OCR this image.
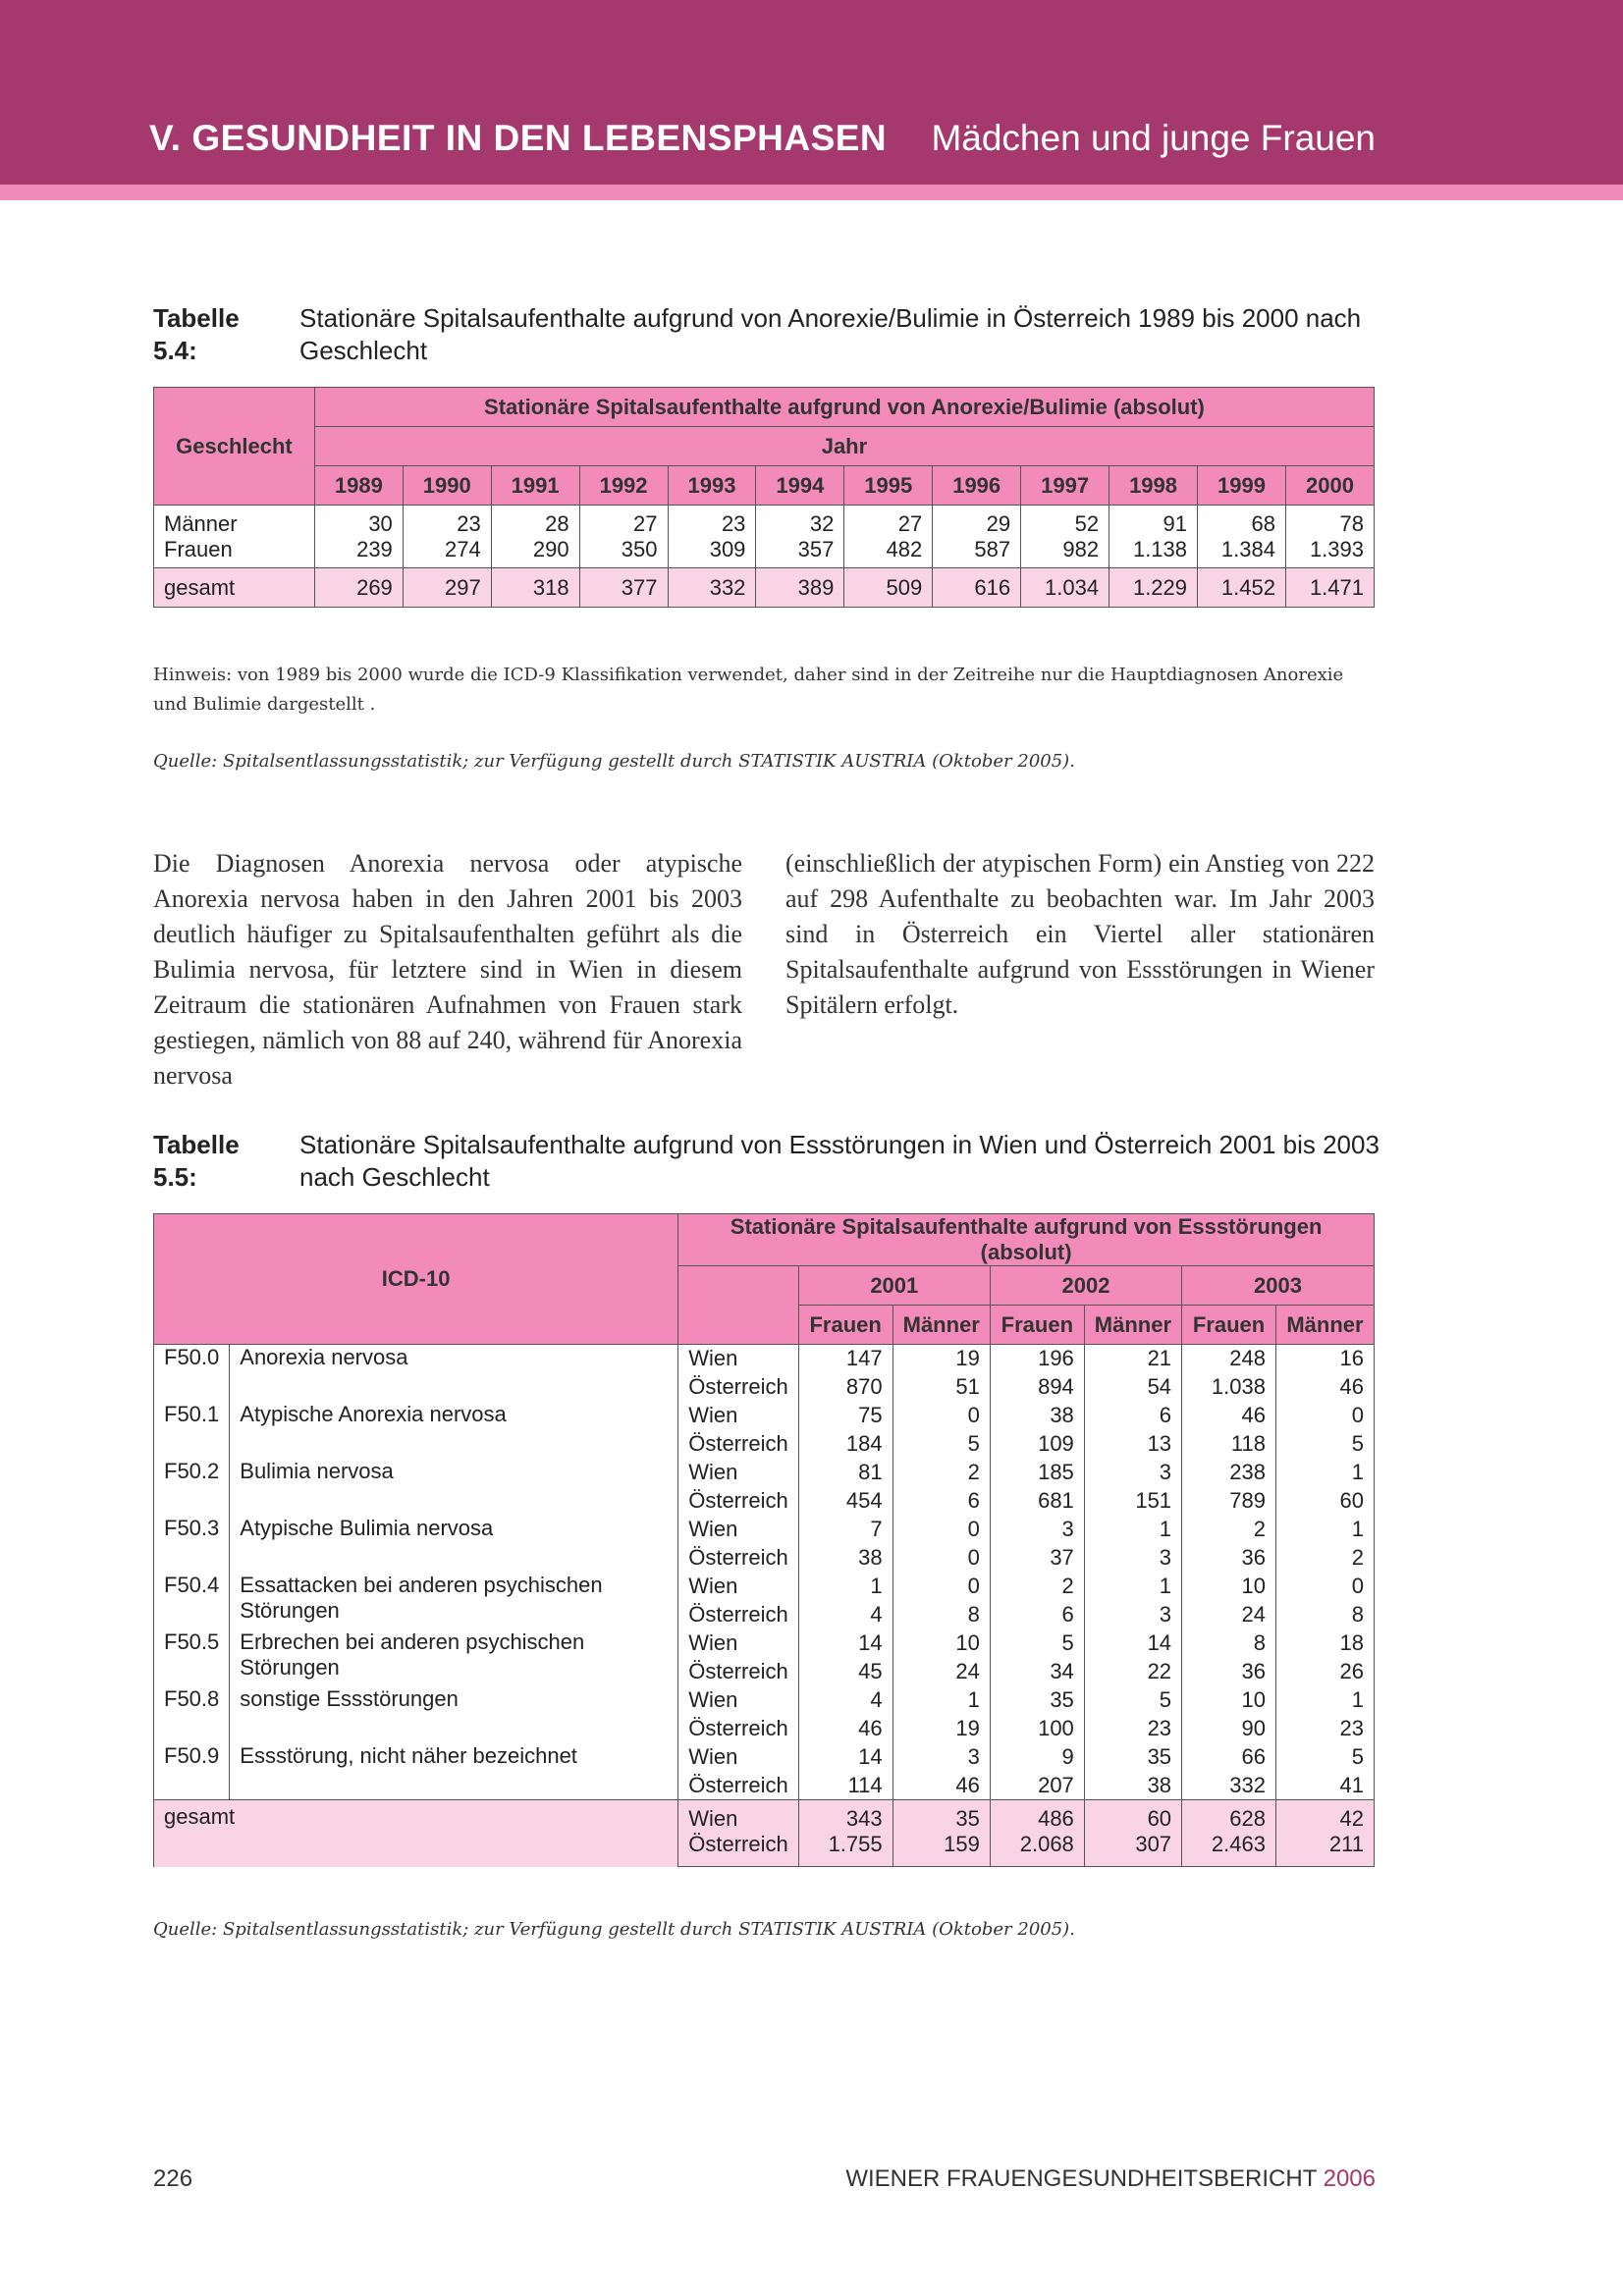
V. GESUNDHEIT IN DEN LEBENSPHASEN Mädchen und junge Frauen
Tabelle 5.4:
Stationäre Spitalsaufenthalte aufgrund von Anorexie/Bulimie in Österreich 1989 bis 2000 nach Geschlecht
Geschlecht	Stationäre Spitalsaufenthalte aufgrund von Anorexie/Bulimie (absolut)											
	Jahr											
	1989	1990	1991	1992	1993	1994	1995	1996	1997	1998	1999	2000
Männer	30	23	28	27	23	32	27	29	52	91	68	78
Frauen	239	274	290	350	309	357	482	587	982	1.138	1.384	1.393
gesamt	269	297	318	377	332	389	509	616	1.034	1.229	1.452	1.471
Hinweis: von 1989 bis 2000 wurde die ICD-9 Klassifikation verwendet, daher sind in der Zeitreihe nur die Hauptdiagnosen Anorexie und Bulimie dargestellt .
Quelle: Spitalsentlassungsstatistik; zur Verfügung gestellt durch STATISTIK AUSTRIA (Oktober 2005).
Die Diagnosen Anorexia nervosa oder atypische Anorexia nervosa haben in den Jahren 2001 bis 2003 deutlich häufiger zu Spitalsaufenthalten geführt als die Bulimia nervosa, für letztere sind in Wien in diesem Zeitraum die stationären Aufnahmen von Frauen stark gestiegen, nämlich von 88 auf 240, während für Anorexia nervosa
(einschließlich der atypischen Form) ein Anstieg von 222 auf 298 Aufenthalte zu beobachten war. Im Jahr 2003 sind in Österreich ein Viertel aller stationären Spitalsaufenthalte aufgrund von Essstörungen in Wiener Spitälern erfolgt.
Tabelle 5.5:
Stationäre Spitalsaufenthalte aufgrund von Essstörungen in Wien und Österreich 2001 bis 2003 nach Geschlecht
ICD-10		Stationäre Spitalsaufenthalte aufgrund von Essstörungen (absolut)						
			2001		2002		2003	
			Frauen	Männer	Frauen	Männer	Frauen	Männer
F50.0	Anorexia nervosa	Wien	147	19	196	21	248	16
		Österreich	870	51	894	54	1.038	46
F50.1	Atypische Anorexia nervosa	Wien	75	0	38	6	46	0
		Österreich	184	5	109	13	118	5
F50.2	Bulimia nervosa	Wien	81	2	185	3	238	1
		Österreich	454	6	681	151	789	60
F50.3	Atypische Bulimia nervosa	Wien	7	0	3	1	2	1
		Österreich	38	0	37	3	36	2
F50.4	Essattacken bei anderen psychischen Störungen	Wien	1	0	2	1	10	0
		Österreich	4	8	6	3	24	8
F50.5	Erbrechen bei anderen psychischen Störungen	Wien	14	10	5	14	8	18
		Österreich	45	24	34	22	36	26
F50.8	sonstige Essstörungen	Wien	4	1	35	5	10	1
		Österreich	46	19	100	23	90	23
F50.9	Essstörung, nicht näher bezeichnet	Wien	14	3	9	35	66	5
		Österreich	114	46	207	38	332	41
gesamt		Wien	343	35	486	60	628	42
		Österreich	1.755	159	2.068	307	2.463	211
Quelle: Spitalsentlassungsstatistik; zur Verfügung gestellt durch STATISTIK AUSTRIA (Oktober 2005).
226	WIENER FRAUENGESUNDHEITSBERICHT 2006
